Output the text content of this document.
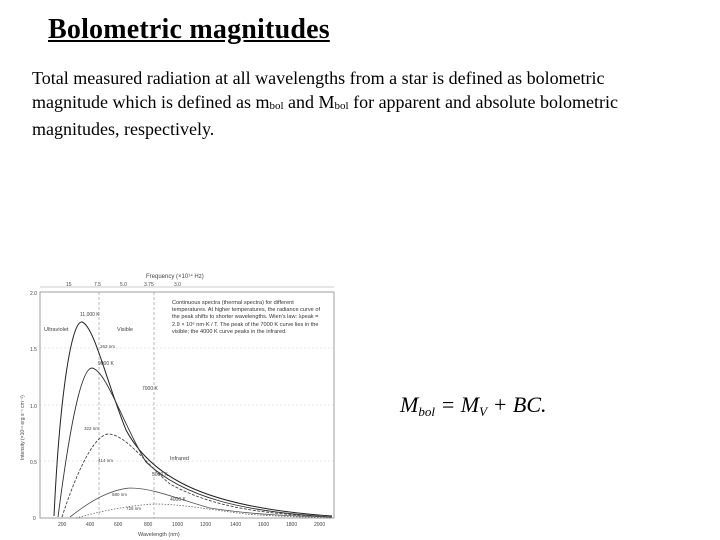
Bolometric magnitudes

Total measured radiation at all wavelengths from a star is defined as bolometric magnitude which is defined as $m_{bol}$ and $M_{bol}$ for apparent and absolute bolometric magnitudes, respectively.

Frequency (×10¹⁴ Hz)
15	7.5	5.0	3.75	3.0
Intensity (×10¹⁴ erg s⁻¹ cm⁻²)
2.0
1.5
1.0
0.5
0
Ultraviolet	Visible
Infrared
11,000 K
9000 K
7000 K
5000 K
4000 K
263 nm
322 nm
414 nm
580 nm
725 nm
Continuous spectra (thermal spectra) for different temperatures. At higher temperatures, the radiance curve of the peak shifts to shorter wavelengths. Wien's law: λpeak = 2.9 × 10⁶ nm·K / T. The peak of the 7000 K curve lies in the visible; the 4000 K curve peaks in the infrared.
200	400	600	800	1000	1200	1400	1600	1800	2000
Wavelength (nm)
$M_{bol} = M_V$ + BC.
